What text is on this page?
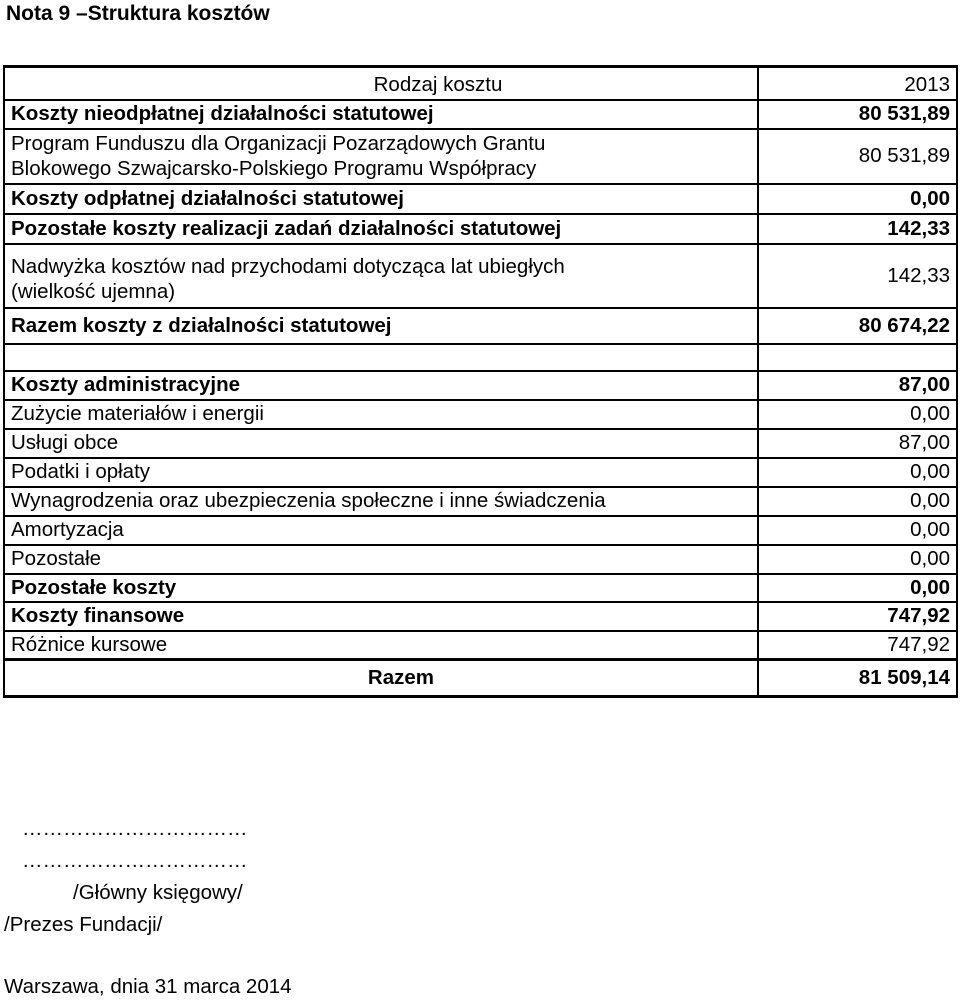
Nota 9 –Struktura kosztów

Rodzaj kosztu	2013
Koszty nieodpłatnej działalności statutowej	80 531,89

Program Funduszu dla Organizacji Pozarządowych Grantu
Blokowego Szwajcarsko-Polskiego Programu Współpracy	80 531,89
Koszty odpłatnej działalności statutowej	0,00
Pozostałe koszty realizacji zadań działalności statutowej	142,33

Nadwyżka kosztów nad przychodami dotycząca lat ubiegłych
(wielkość ujemna)	142,33
Razem koszty z działalności statutowej	80 674,22

Koszty administracyjne	87,00
Zużycie materiałów i energii	0,00
Usługi obce	87,00
Podatki i opłaty	0,00
Wynagrodzenia oraz ubezpieczenia społeczne i inne świadczenia	0,00
Amortyzacja	0,00
Pozostałe	0,00
Pozostałe koszty	0,00
Koszty finansowe	747,92
Różnice kursowe	747,92
Razem	81 509,14
……………………………
……………………………
/Główny księgowy/
/Prezes Fundacji/
Warszawa, dnia 31 marca 2014
